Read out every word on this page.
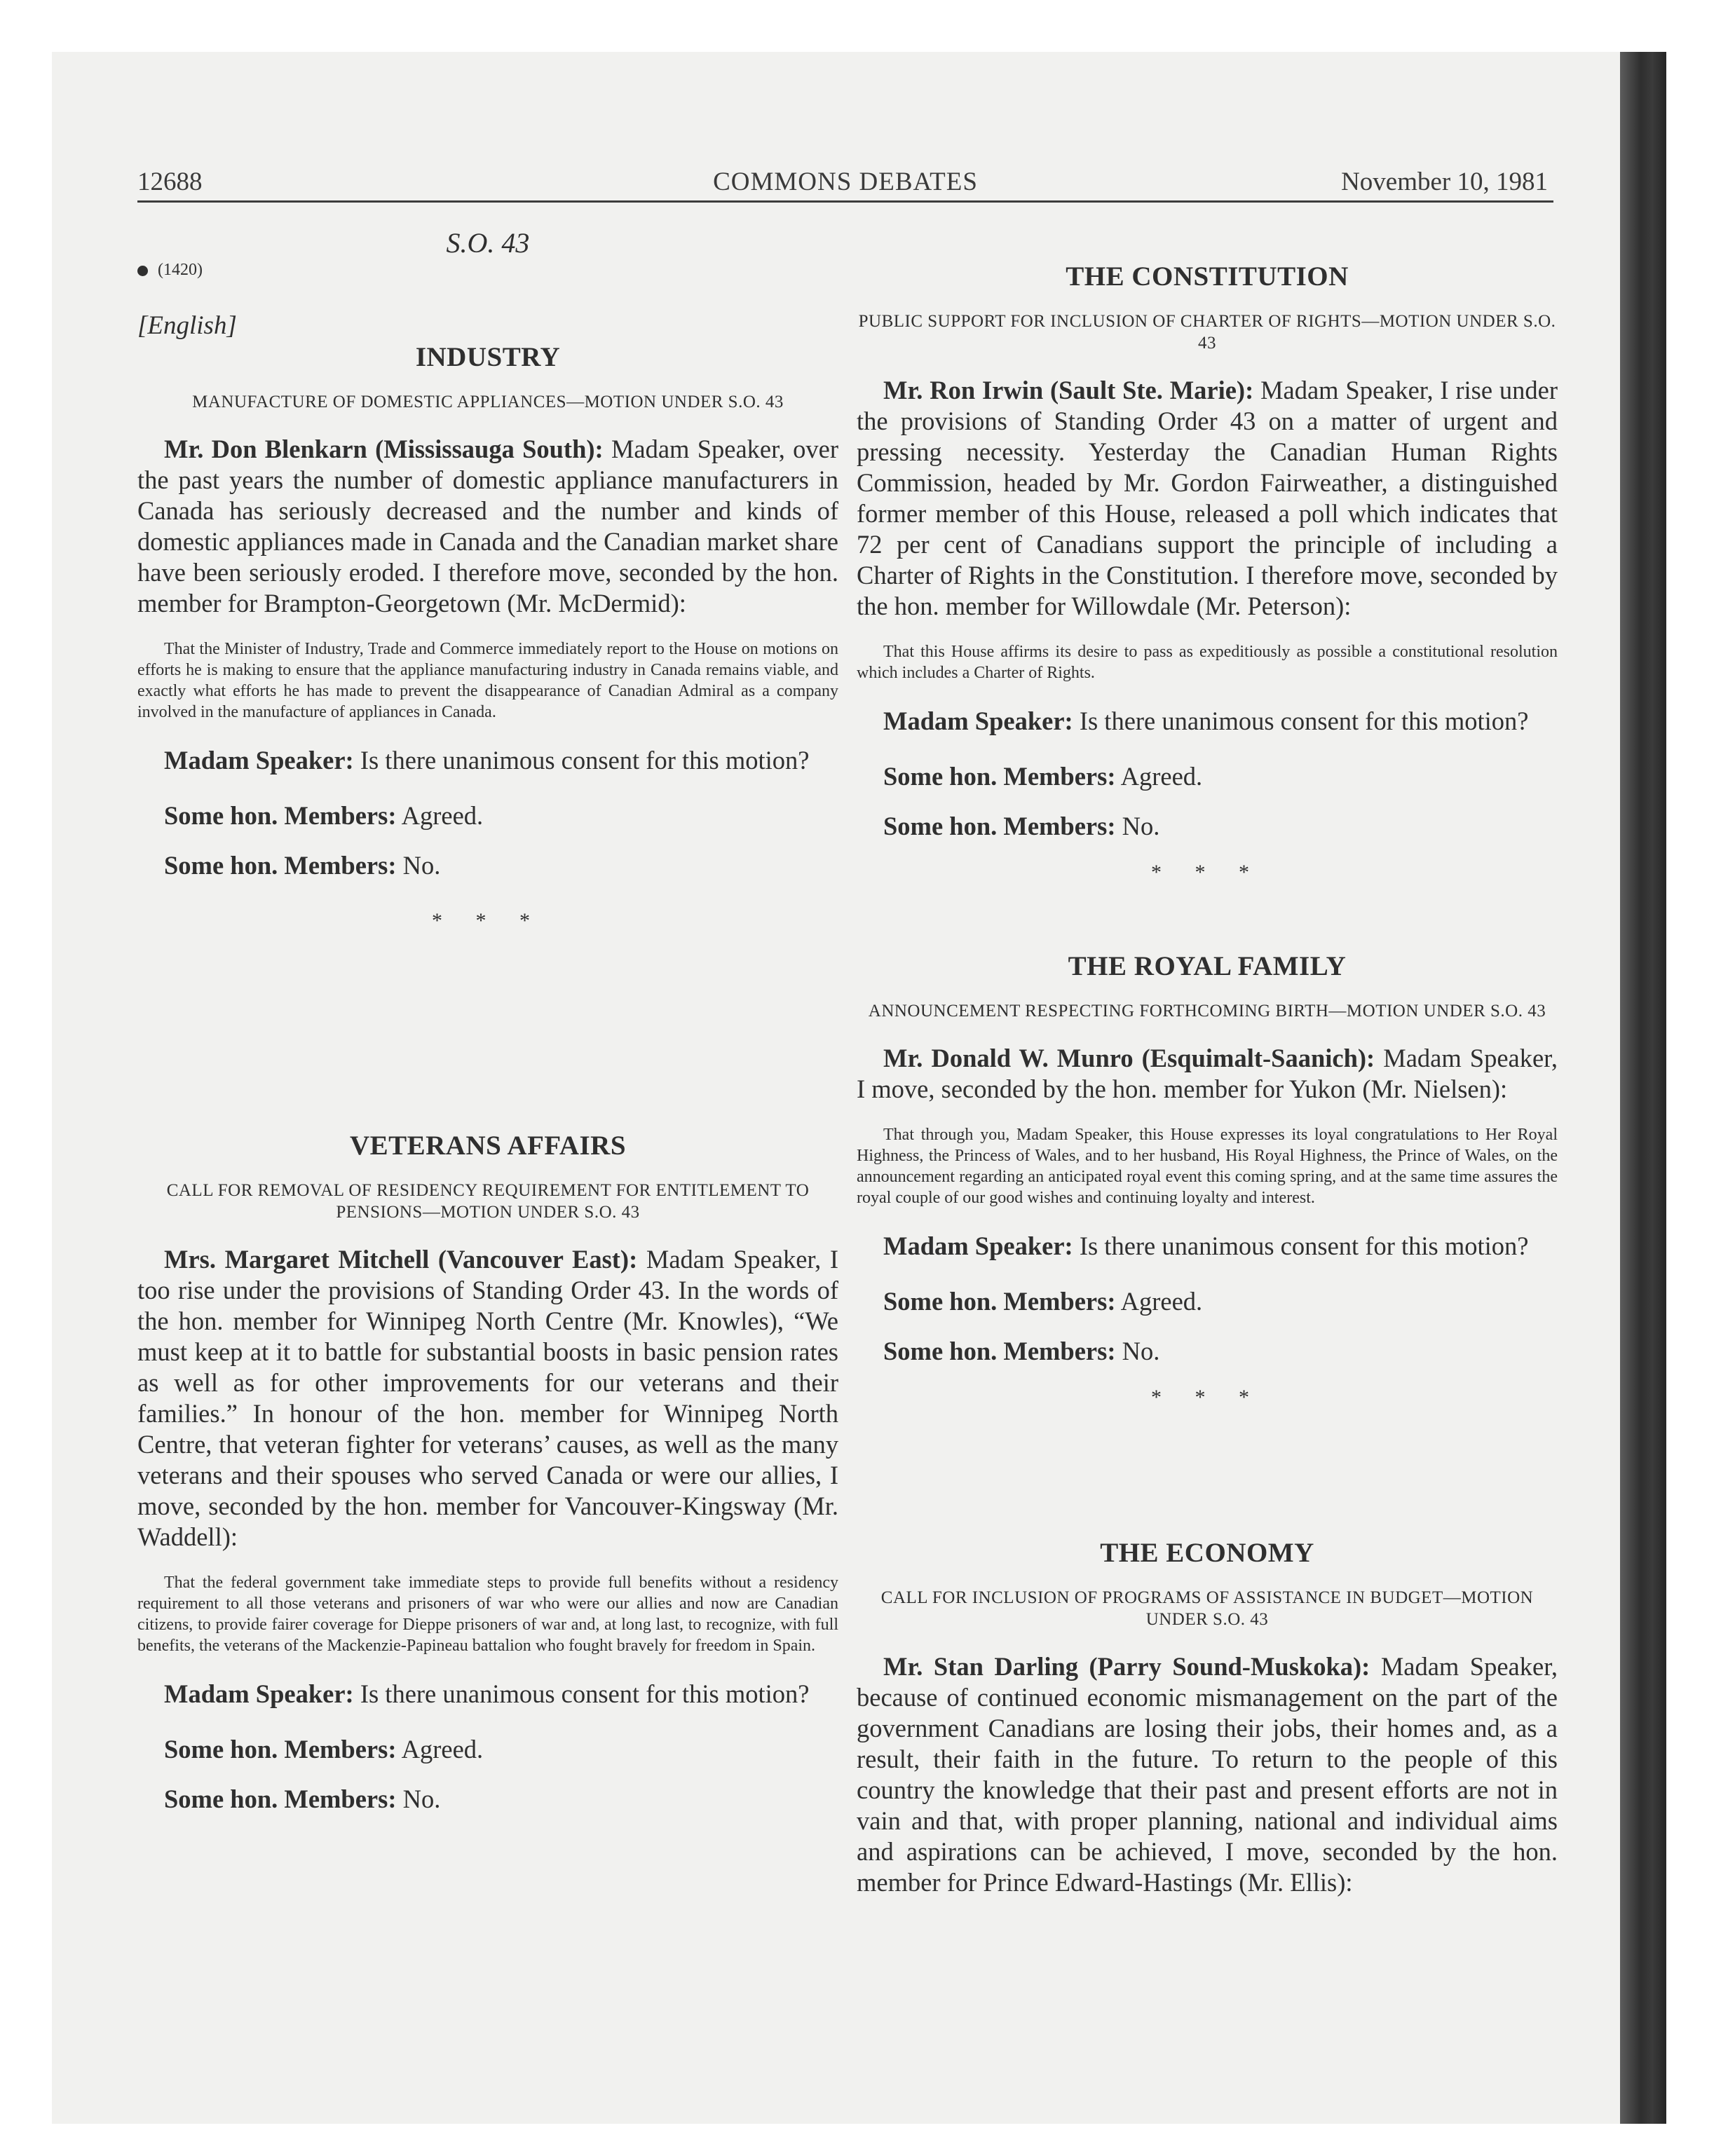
12688	COMMONS DEBATES	November 10, 1981
S.O. 43
(1420)
[English]
INDUSTRY
MANUFACTURE OF DOMESTIC APPLIANCES—MOTION UNDER S.O. 43

Mr. Don Blenkarn (Mississauga South): Madam Speaker, over the past years the number of domestic appliance manufacturers in Canada has seriously decreased and the number and kinds of domestic appliances made in Canada and the Canadian market share have been seriously eroded. I therefore move, seconded by the hon. member for Brampton-Georgetown (Mr. McDermid):

That the Minister of Industry, Trade and Commerce immediately report to the House on motions on efforts he is making to ensure that the appliance manufacturing industry in Canada remains viable, and exactly what efforts he has made to prevent the disappearance of Canadian Admiral as a company involved in the manufacture of appliances in Canada.

Madam Speaker: Is there unanimous consent for this motion?

Some hon. Members: Agreed.

Some hon. Members: No.

* * *
VETERANS AFFAIRS
CALL FOR REMOVAL OF RESIDENCY REQUIREMENT FOR ENTITLEMENT TO PENSIONS—MOTION UNDER S.O. 43

Mrs. Margaret Mitchell (Vancouver East): Madam Speaker, I too rise under the provisions of Standing Order 43. In the words of the hon. member for Winnipeg North Centre (Mr. Knowles), “We must keep at it to battle for substantial boosts in basic pension rates as well as for other improvements for our veterans and their families.” In honour of the hon. member for Winnipeg North Centre, that veteran fighter for veterans’ causes, as well as the many veterans and their spouses who served Canada or were our allies, I move, seconded by the hon. member for Vancouver-Kingsway (Mr. Waddell):

That the federal government take immediate steps to provide full benefits without a residency requirement to all those veterans and prisoners of war who were our allies and now are Canadian citizens, to provide fairer coverage for Dieppe prisoners of war and, at long last, to recognize, with full benefits, the veterans of the Mackenzie-Papineau battalion who fought bravely for freedom in Spain.

Madam Speaker: Is there unanimous consent for this motion?

Some hon. Members: Agreed.

Some hon. Members: No.

THE CONSTITUTION
PUBLIC SUPPORT FOR INCLUSION OF CHARTER OF RIGHTS—MOTION UNDER S.O. 43

Mr. Ron Irwin (Sault Ste. Marie): Madam Speaker, I rise under the provisions of Standing Order 43 on a matter of urgent and pressing necessity. Yesterday the Canadian Human Rights Commission, headed by Mr. Gordon Fairweather, a distinguished former member of this House, released a poll which indicates that 72 per cent of Canadians support the principle of including a Charter of Rights in the Constitution. I therefore move, seconded by the hon. member for Willowdale (Mr. Peterson):

That this House affirms its desire to pass as expeditiously as possible a constitutional resolution which includes a Charter of Rights.

Madam Speaker: Is there unanimous consent for this motion?

Some hon. Members: Agreed.

Some hon. Members: No.

* * *
THE ROYAL FAMILY
ANNOUNCEMENT RESPECTING FORTHCOMING BIRTH—MOTION UNDER S.O. 43

Mr. Donald W. Munro (Esquimalt-Saanich): Madam Speaker, I move, seconded by the hon. member for Yukon (Mr. Nielsen):

That through you, Madam Speaker, this House expresses its loyal congratulations to Her Royal Highness, the Princess of Wales, and to her husband, His Royal Highness, the Prince of Wales, on the announcement regarding an anticipated royal event this coming spring, and at the same time assures the royal couple of our good wishes and continuing loyalty and interest.

Madam Speaker: Is there unanimous consent for this motion?

Some hon. Members: Agreed.

Some hon. Members: No.

* * *
THE ECONOMY
CALL FOR INCLUSION OF PROGRAMS OF ASSISTANCE IN BUDGET—MOTION UNDER S.O. 43

Mr. Stan Darling (Parry Sound-Muskoka): Madam Speaker, because of continued economic mismanagement on the part of the government Canadians are losing their jobs, their homes and, as a result, their faith in the future. To return to the people of this country the knowledge that their past and present efforts are not in vain and that, with proper planning, national and individual aims and aspirations can be achieved, I move, seconded by the hon. member for Prince Edward-Hastings (Mr. Ellis):
